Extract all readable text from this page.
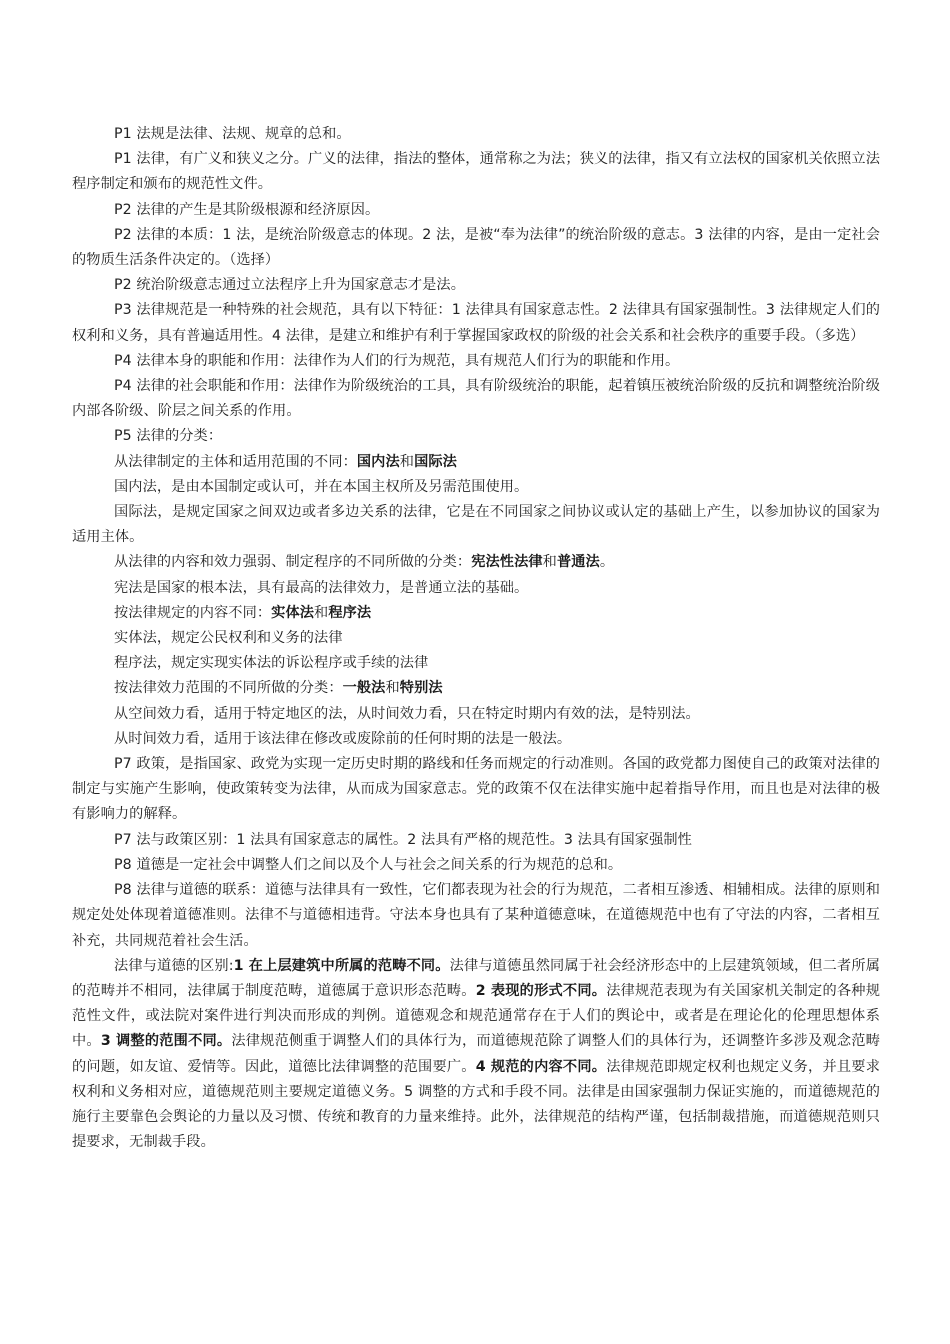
P1 法规是法律、法规、规章的总和。

P1 法律，有广义和狭义之分。广义的法律，指法的整体，通常称之为法；狭义的法律，指又有立法权的国家机关依照立法程序制定和颁布的规范性文件。

P2 法律的产生是其阶级根源和经济原因。

P2 法律的本质：1 法，是统治阶级意志的体现。2 法，是被“奉为法律”的统治阶级的意志。3 法律的内容，是由一定社会的物质生活条件决定的。（选择）

P2 统治阶级意志通过立法程序上升为国家意志才是法。

P3 法律规范是一种特殊的社会规范，具有以下特征：1 法律具有国家意志性。2 法律具有国家强制性。3 法律规定人们的权利和义务，具有普遍适用性。4 法律，是建立和维护有利于掌握国家政权的阶级的社会关系和社会秩序的重要手段。（多选）

P4 法律本身的职能和作用：法律作为人们的行为规范，具有规范人们行为的职能和作用。

P4 法律的社会职能和作用：法律作为阶级统治的工具，具有阶级统治的职能，起着镇压被统治阶级的反抗和调整统治阶级内部各阶级、阶层之间关系的作用。

P5 法律的分类：

从法律制定的主体和适用范围的不同：国内法和国际法

国内法，是由本国制定或认可，并在本国主权所及另需范围使用。

国际法，是规定国家之间双边或者多边关系的法律，它是在不同国家之间协议或认定的基础上产生，以参加协议的国家为适用主体。

从法律的内容和效力强弱、制定程序的不同所做的分类：宪法性法律和普通法。

宪法是国家的根本法，具有最高的法律效力，是普通立法的基础。

按法律规定的内容不同：实体法和程序法

实体法，规定公民权利和义务的法律

程序法，规定实现实体法的诉讼程序或手续的法律

按法律效力范围的不同所做的分类：一般法和特别法

从空间效力看，适用于特定地区的法，从时间效力看，只在特定时期内有效的法，是特别法。

从时间效力看，适用于该法律在修改或废除前的任何时期的法是一般法。

P7 政策，是指国家、政党为实现一定历史时期的路线和任务而规定的行动准则。各国的政党都力图使自己的政策对法律的制定与实施产生影响，使政策转变为法律，从而成为国家意志。党的政策不仅在法律实施中起着指导作用，而且也是对法律的极有影响力的解释。

P7 法与政策区别：1 法具有国家意志的属性。2 法具有严格的规范性。3 法具有国家强制性

P8 道德是一定社会中调整人们之间以及个人与社会之间关系的行为规范的总和。

P8 法律与道德的联系：道德与法律具有一致性，它们都表现为社会的行为规范，二者相互渗透、相辅相成。法律的原则和规定处处体现着道德准则。法律不与道德相违背。守法本身也具有了某种道德意味，在道德规范中也有了守法的内容，二者相互补充，共同规范着社会生活。

法律与道德的区别:1 在上层建筑中所属的范畴不同。法律与道德虽然同属于社会经济形态中的上层建筑领域，但二者所属的范畴并不相同，法律属于制度范畴，道德属于意识形态范畴。2 表现的形式不同。法律规范表现为有关国家机关制定的各种规范性文件，或法院对案件进行判决而形成的判例。道德观念和规范通常存在于人们的舆论中，或者是在理论化的伦理思想体系中。3 调整的范围不同。法律规范侧重于调整人们的具体行为，而道德规范除了调整人们的具体行为，还调整许多涉及观念范畴的问题，如友谊、爱情等。因此，道德比法律调整的范围要广。4 规范的内容不同。法律规范即规定权利也规定义务，并且要求权利和义务相对应，道德规范则主要规定道德义务。5 调整的方式和手段不同。法律是由国家强制力保证实施的，而道德规范的施行主要靠色会舆论的力量以及习惯、传统和教育的力量来维持。此外，法律规范的结构严谨，包括制裁措施，而道德规范则只提要求，无制裁手段。
